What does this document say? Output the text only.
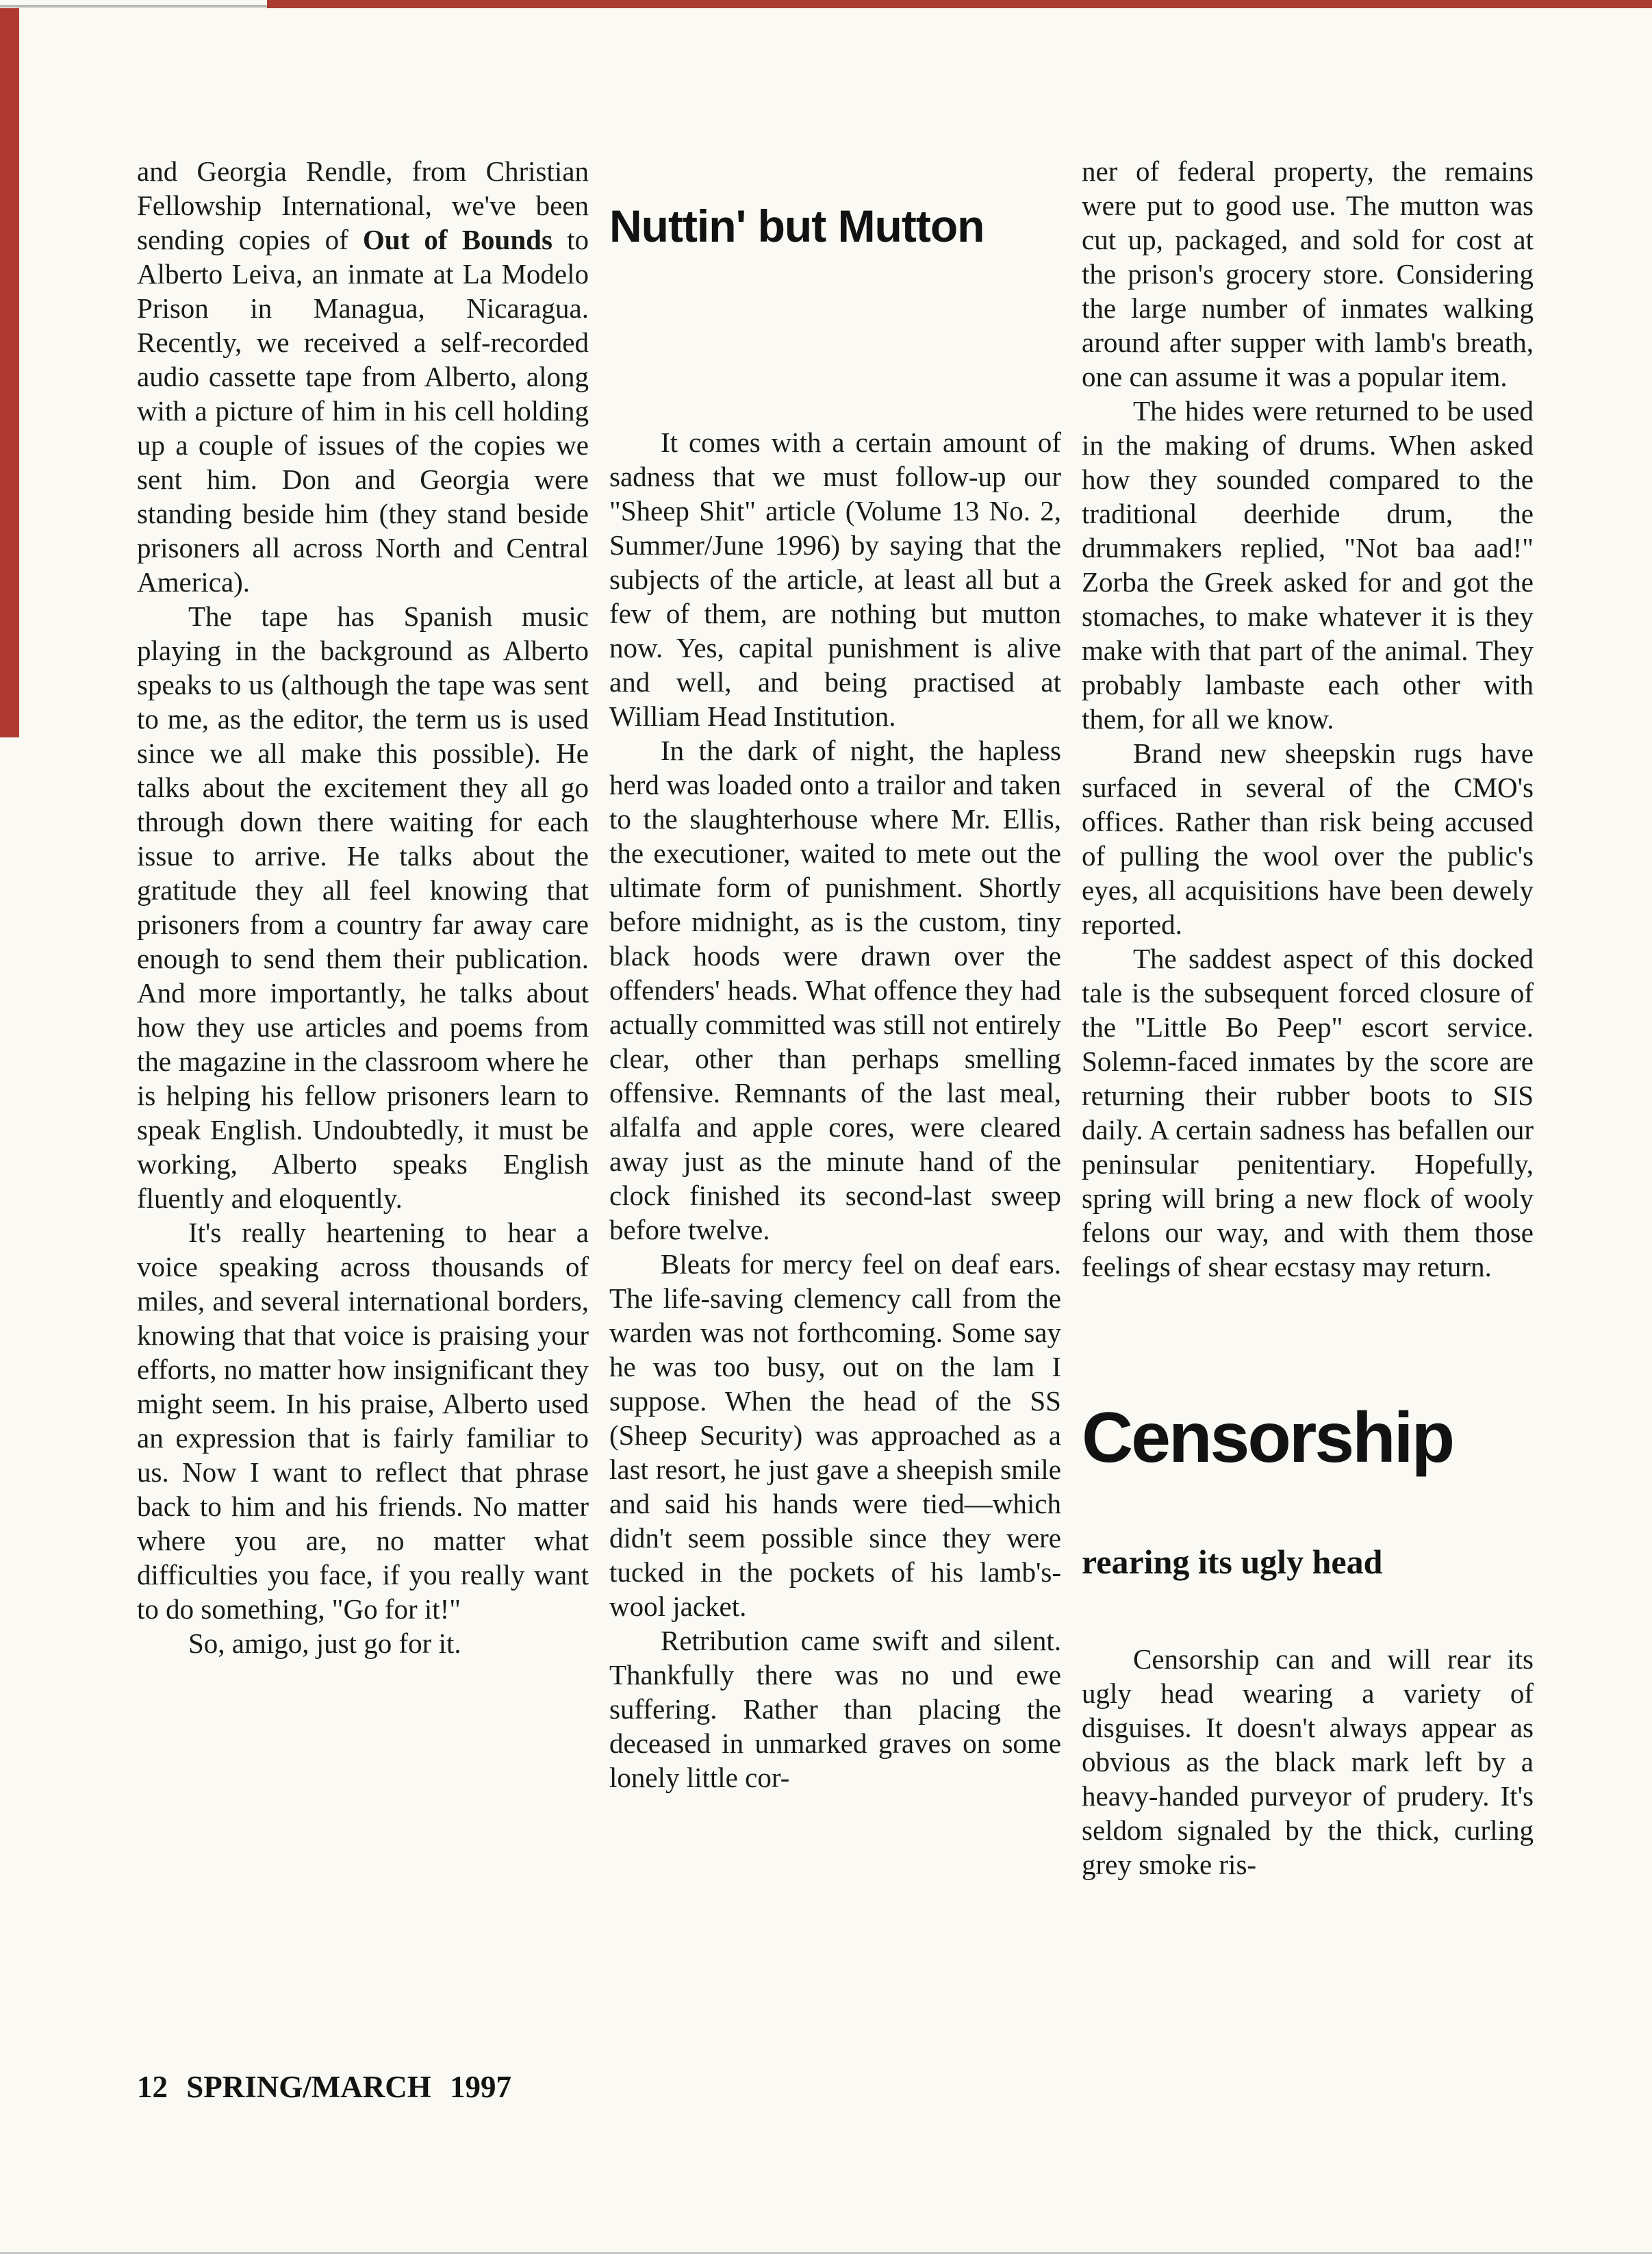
and Georgia Rendle, from Christian Fellowship International, we've been sending copies of Out of Bounds to Alberto Leiva, an inmate at La Modelo Prison in Managua, Nicaragua. Recently, we received a self-recorded audio cassette tape from Alberto, along with a picture of him in his cell holding up a couple of issues of the copies we sent him. Don and Georgia were standing beside him (they stand beside prisoners all across North and Central America).

The tape has Spanish music playing in the background as Alberto speaks to us (although the tape was sent to me, as the editor, the term us is used since we all make this possible). He talks about the excitement they all go through down there waiting for each issue to arrive. He talks about the gratitude they all feel knowing that prisoners from a country far away care enough to send them their publication. And more importantly, he talks about how they use articles and poems from the magazine in the classroom where he is helping his fellow prisoners learn to speak English. Undoubtedly, it must be working, Alberto speaks English fluently and eloquently.

It's really heartening to hear a voice speaking across thousands of miles, and several international borders, knowing that that voice is praising your efforts, no matter how insignificant they might seem. In his praise, Alberto used an expression that is fairly familiar to us. Now I want to reflect that phrase back to him and his friends. No matter where you are, no matter what difficulties you face, if you really want to do something, "Go for it!"

So, amigo, just go for it.

Nuttin' but Mutton

It comes with a certain amount of sadness that we must follow-up our "Sheep Shit" article (Volume 13 No. 2, Summer/June 1996) by saying that the subjects of the article, at least all but a few of them, are nothing but mutton now. Yes, capital punishment is alive and well, and being practised at William Head Institution.

In the dark of night, the hapless herd was loaded onto a trailor and taken to the slaughterhouse where Mr. Ellis, the executioner, waited to mete out the ultimate form of punishment. Shortly before midnight, as is the custom, tiny black hoods were drawn over the offenders' heads. What offence they had actually committed was still not entirely clear, other than perhaps smelling offensive. Remnants of the last meal, alfalfa and apple cores, were cleared away just as the minute hand of the clock finished its second-last sweep before twelve.

Bleats for mercy feel on deaf ears. The life-saving clemency call from the warden was not forthcoming. Some say he was too busy, out on the lam I suppose. When the head of the SS (Sheep Security) was approached as a last resort, he just gave a sheepish smile and said his hands were tied—which didn't seem possible since they were tucked in the pockets of his lamb's-wool jacket.

Retribution came swift and silent. Thankfully there was no und ewe suffering. Rather than placing the deceased in unmarked graves on some lonely little cor-

ner of federal property, the remains were put to good use. The mutton was cut up, packaged, and sold for cost at the prison's grocery store. Considering the large number of inmates walking around after supper with lamb's breath, one can assume it was a popular item.

The hides were returned to be used in the making of drums. When asked how they sounded compared to the traditional deerhide drum, the drummakers replied, "Not baa aad!" Zorba the Greek asked for and got the stomaches, to make whatever it is they make with that part of the animal. They probably lambaste each other with them, for all we know.

Brand new sheepskin rugs have surfaced in several of the CMO's offices. Rather than risk being accused of pulling the wool over the public's eyes, all acquisitions have been dewely reported.

The saddest aspect of this docked tale is the subsequent forced closure of the "Little Bo Peep" escort service. Solemn-faced inmates by the score are returning their rubber boots to SIS daily. A certain sadness has befallen our peninsular penitentiary. Hopefully, spring will bring a new flock of wooly felons our way, and with them those feelings of shear ecstasy may return.

Censorship
rearing its ugly head

Censorship can and will rear its ugly head wearing a variety of disguises. It doesn't always appear as obvious as the black mark left by a heavy-handed purveyor of prudery. It's seldom signaled by the thick, curling grey smoke ris-

12 SPRING/MARCH 1997
